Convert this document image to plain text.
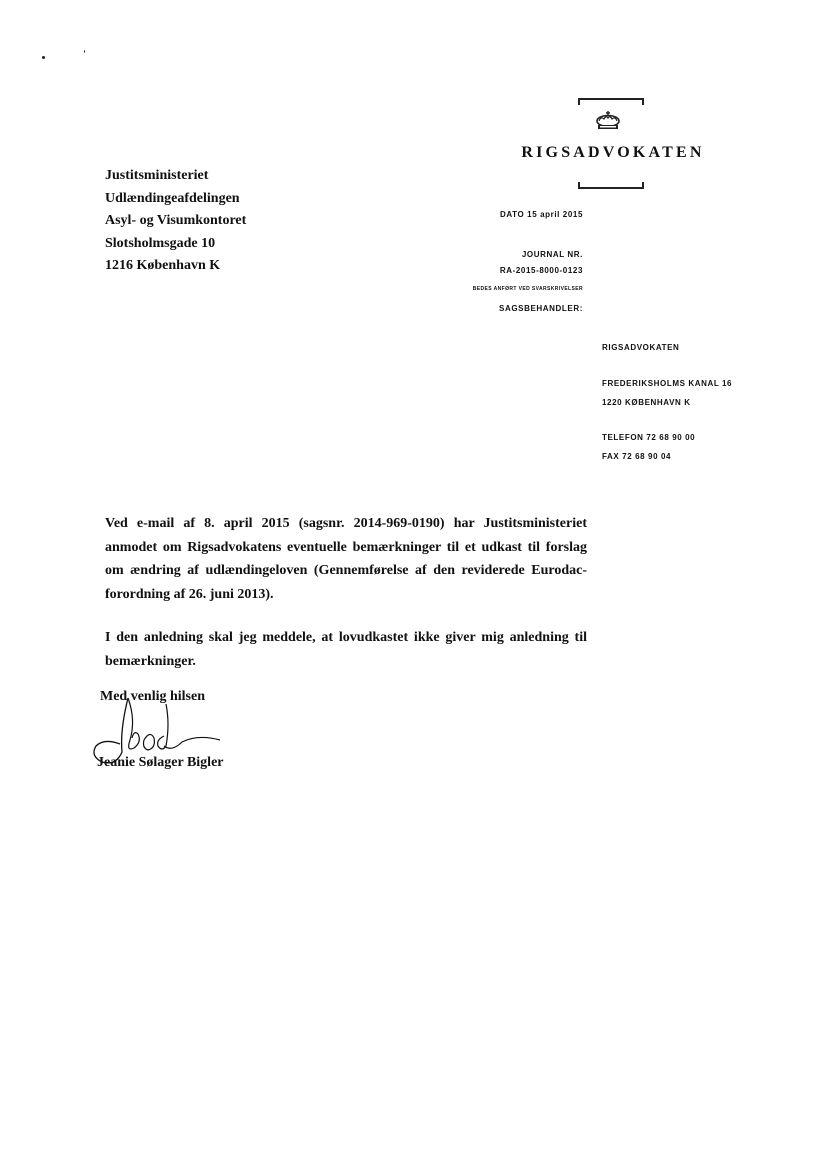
Justitsministeriet
Udlændingeafdelingen
Asyl- og Visumkontoret
Slotsholmsgade 10
1216 København K
RIGSADVOKATEN
DATO 15 april 2015
JOURNAL NR.
RA-2015-8000-0123
BEDES ANFØRT VED SVARSKRIVELSER
SAGSBEHANDLER:
RIGSADVOKATEN
FREDERIKSHOLMS KANAL 16
1220 KØBENHAVN K
TELEFON 72 68 90 00
FAX 72 68 90 04
Ved e-mail af 8. april 2015 (sagsnr. 2014-969-0190) har Justitsministeriet anmodet om Rigsadvokatens eventuelle bemærkninger til et udkast til forslag om ændring af udlændingeloven (Gennemførelse af den reviderede Eurodac-forordning af 26. juni 2013).
I den anledning skal jeg meddele, at lovudkastet ikke giver mig anledning til bemærkninger.
Med venlig hilsen
Jeanie Sølager Bigler
